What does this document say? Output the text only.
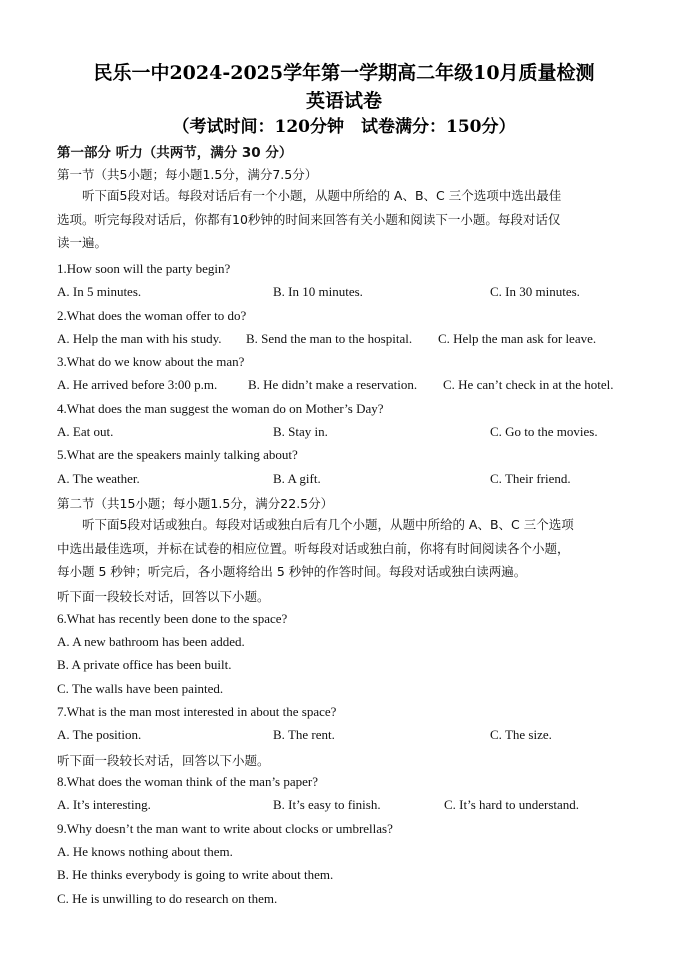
民乐一中2024-2025学年第一学期高二年级10月质量检测
英语试卷
（考试时间：120分钟　试卷满分：150分）
第一部分 听力（共两节，满分 30 分）
第一节（共5小题；每小题1.5分，满分7.5分）
　　听下面5段对话。每段对话后有一个小题，从题中所给的 A、B、C 三个选项中选出最佳
选项。听完每段对话后，你都有10秒钟的时间来回答有关小题和阅读下一小题。每段对话仅
读一遍。
1.How soon will the party begin?
A. In 5 minutes.	B. In 10 minutes.	C. In 30 minutes.
2.What does the woman offer to do?
A. Help the man with his study. B. Send the man to the hospital. C. Help the man ask for leave.
3.What do we know about the man?
A. He arrived before 3:00 p.m. B. He didn’t make a reservation. C. He can’t check in at the hotel.
4.What does the man suggest the woman do on Mother’s Day?
A. Eat out.	B. Stay in.	C. Go to the movies.
5.What are the speakers mainly talking about?
A. The weather.	B. A gift.	C. Their friend.
第二节（共15小题；每小题1.5分，满分22.5分）
　　听下面5段对话或独白。每段对话或独白后有几个小题，从题中所给的 A、B、C 三个选项
中选出最佳选项，并标在试卷的相应位置。听每段对话或独白前，你将有时间阅读各个小题，
每小题 5 秒钟；听完后，各小题将给出 5 秒钟的作答时间。每段对话或独白读两遍。
听下面一段较长对话，回答以下小题。
6.What has recently been done to the space?
A. A new bathroom has been added.
B. A private office has been built.
C. The walls have been painted.
7.What is the man most interested in about the space?
A. The position.	B. The rent.	C. The size.
听下面一段较长对话，回答以下小题。
8.What does the woman think of the man’s paper?
A. It’s interesting.	B. It’s easy to finish.	C. It’s hard to understand.
9.Why doesn’t the man want to write about clocks or umbrellas?
A. He knows nothing about them.
B. He thinks everybody is going to write about them.
C. He is unwilling to do research on them.
